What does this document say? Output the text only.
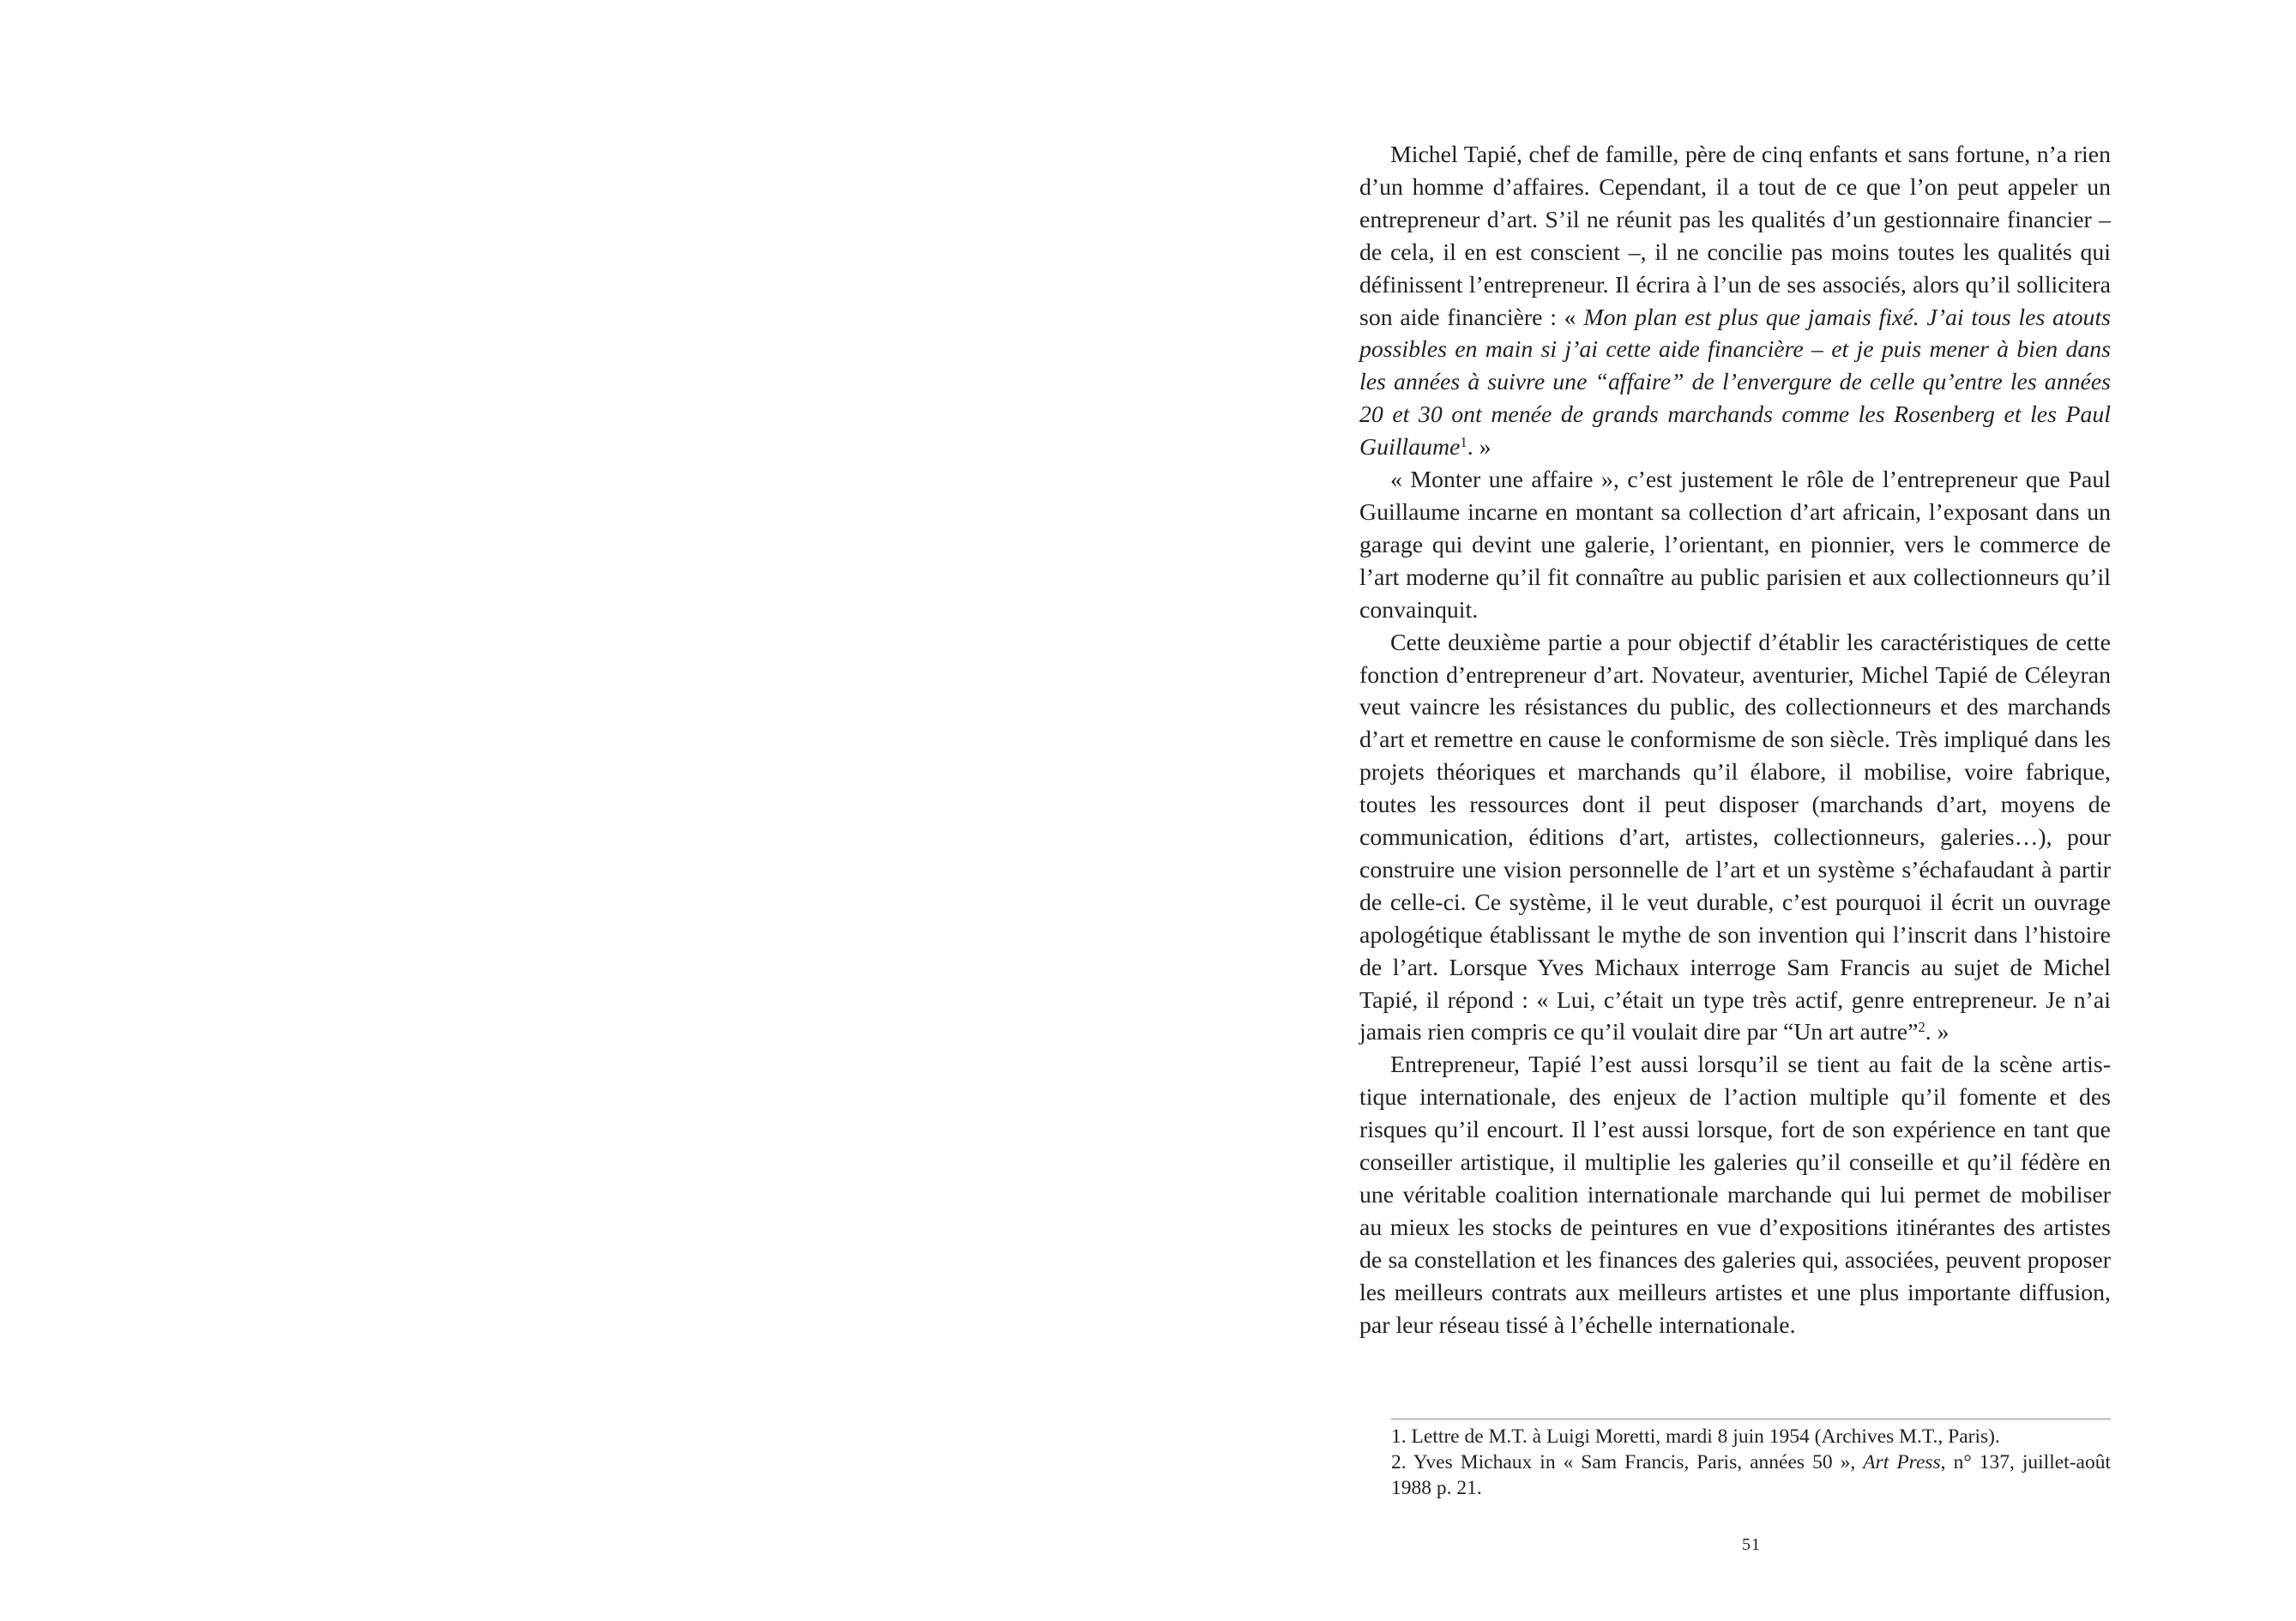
Michel Tapié, chef de famille, père de cinq enfants et sans fortune, n’a rien d’un homme d’affaires. Cependant, il a tout de ce que l’on peut appeler un entrepreneur d’art. S’il ne réunit pas les qualités d’un gestionnaire financier – de cela, il en est conscient –, il ne concilie pas moins toutes les qualités qui définissent l’entrepreneur. Il écrira à l’un de ses associés, alors qu’il sollicitera son aide financière : « Mon plan est plus que jamais fixé. J’ai tous les atouts possibles en main si j’ai cette aide financière – et je puis mener à bien dans les années à suivre une “affaire” de l’envergure de celle qu’entre les années 20 et 30 ont menée de grands marchands comme les Rosenberg et les Paul Guillaume$^1$. »

« Monter une affaire », c’est justement le rôle de l’entrepreneur que Paul Guillaume incarne en montant sa collection d’art africain, l’exposant dans un garage qui devint une galerie, l’orientant, en pionnier, vers le commerce de l’art moderne qu’il fit connaître au public parisien et aux collectionneurs qu’il convainquit.

Cette deuxième partie a pour objectif d’établir les caractéristiques de cette fonction d’entrepreneur d’art. Novateur, aventurier, Michel Tapié de Céleyran veut vaincre les résistances du public, des collectionneurs et des marchands d’art et remettre en cause le conformisme de son siècle. Très impliqué dans les projets théoriques et marchands qu’il élabore, il mobilise, voire fabrique, toutes les ressources dont il peut disposer (marchands d’art, moyens de communication, éditions d’art, artistes, collectionneurs, galeries…), pour construire une vision personnelle de l’art et un système s’échafaudant à partir de celle-ci. Ce système, il le veut durable, c’est pourquoi il écrit un ouvrage apologétique établissant le mythe de son invention qui l’inscrit dans l’histoire de l’art. Lorsque Yves Michaux interroge Sam Francis au sujet de Michel Tapié, il répond : « Lui, c’était un type très actif, genre entrepreneur. Je n’ai jamais rien compris ce qu’il voulait dire par “Un art autre”$^2$. »

Entrepreneur, Tapié l’est aussi lorsqu’il se tient au fait de la scène artistique internationale, des enjeux de l’action multiple qu’il fomente et des risques qu’il encourt. Il l’est aussi lorsque, fort de son expérience en tant que conseiller artistique, il multiplie les galeries qu’il conseille et qu’il fédère en une véritable coalition internationale marchande qui lui permet de mobiliser au mieux les stocks de peintures en vue d’expositions itinérantes des artistes de sa constellation et les finances des galeries qui, associées, peuvent proposer les meilleurs contrats aux meilleurs artistes et une plus importante diffusion, par leur réseau tissé à l’échelle internationale.

1. Lettre de M.T. à Luigi Moretti, mardi 8 juin 1954 (Archives M.T., Paris).

2. Yves Michaux in « Sam Francis, Paris, années 50 », Art Press, n° 137, juillet-août 1988 p. 21.

51
